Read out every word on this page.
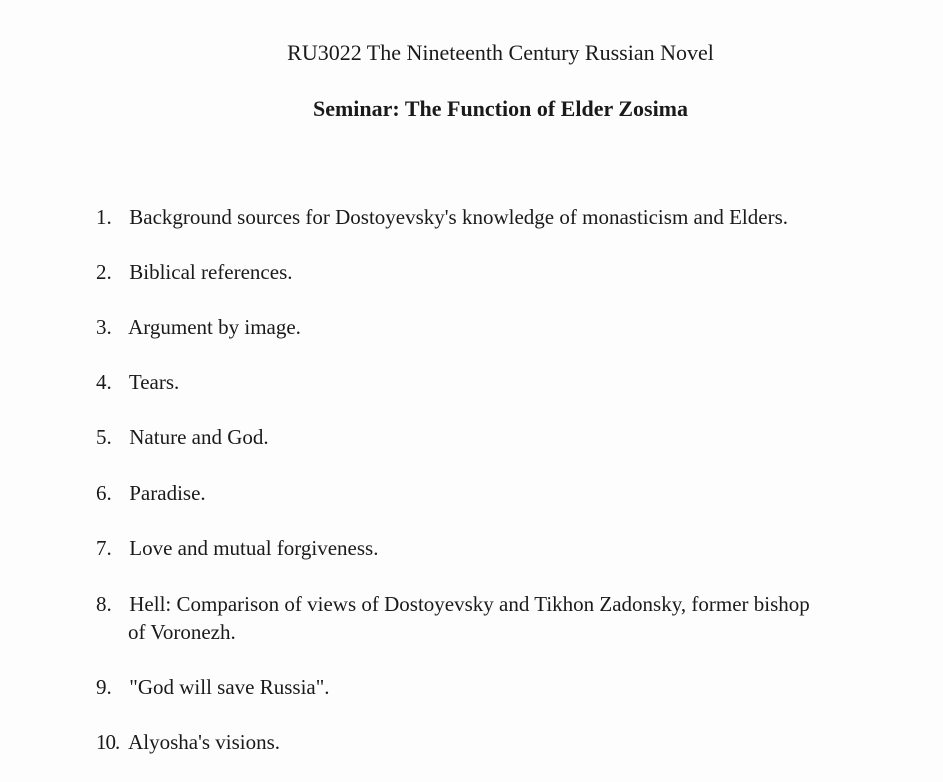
RU3022 The Nineteenth Century Russian Novel
Seminar: The Function of Elder Zosima
1. Background sources for Dostoyevsky's knowledge of monasticism and Elders.
2. Biblical references.
3. Argument by image.
4. Tears.
5. Nature and God.
6. Paradise.
7. Love and mutual forgiveness.
8. Hell: Comparison of views of Dostoyevsky and Tikhon Zadonsky, former bishop
of Voronezh.
9. "God will save Russia".
10. Alyosha's visions.
